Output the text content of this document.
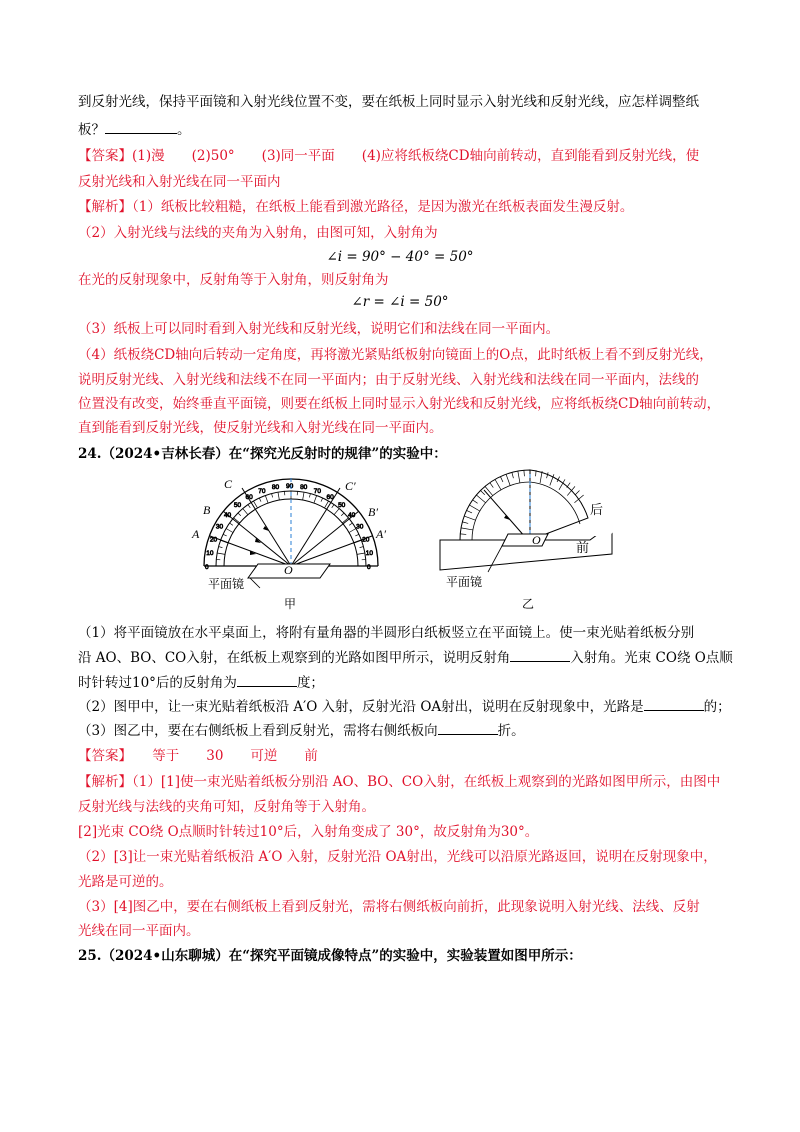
到反射光线，保持平面镜和入射光线位置不变，要在纸板上同时显示入射光线和反射光线，应怎样调整纸
板？	。
【答案】(1)漫　　(2)50°　　(3)同一平面　　(4)应将纸板绕CD轴向前转动，直到能看到反射光线，使
反射光线和入射光线在同一平面内
【解析】（1）纸板比较粗糙，在纸板上能看到激光路径，是因为激光在纸板表面发生漫反射。
（2）入射光线与法线的夹角为入射角，由图可知，入射角为
∠i = 90° − 40° = 50°
在光的反射现象中，反射角等于入射角，则反射角为
∠r = ∠i = 50°
（3）纸板上可以同时看到入射光线和反射光线，说明它们和法线在同一平面内。
（4）纸板绕CD轴向后转动一定角度，再将激光紧贴纸板射向镜面上的O点，此时纸板上看不到反射光线，
说明反射光线、入射光线和法线不在同一平面内；由于反射光线、入射光线和法线在同一平面内，法线的
位置没有改变，始终垂直平面镜，则要在纸板上同时显示入射光线和反射光线，应将纸板绕CD轴向前转动，
直到能看到反射光线，使反射光线和入射光线在同一平面内。
24.（2024•吉林长春）在“探究光反射时的规律”的实验中：
0
10
20
30
40
50
60
70
80 90 80
70
60
50
40
30
20
10
0
A
B
C
A′
B′
C′
O
平面镜
甲
O
后
前
平面镜
乙
（1）将平面镜放在水平桌面上，将附有量角器的半圆形白纸板竖立在平面镜上。使一束光贴着纸板分别
沿 AO、BO、CO入射，在纸板上观察到的光路如图甲所示，说明反射角	入射角。光束 CO绕 O点顺
时针转过10°后的反射角为	度；
（2）图甲中，让一束光贴着纸板沿 A′O 入射，反射光沿 OA射出，说明在反射现象中，光路是	的；
（3）图乙中，要在右侧纸板上看到反射光，需将右侧纸板向	折。
【答案】　　等于　　30　　可逆　　前
【解析】（1）[1]使一束光贴着纸板分别沿 AO、BO、CO入射，在纸板上观察到的光路如图甲所示，由图中
反射光线与法线的夹角可知，反射角等于入射角。
[2]光束 CO绕 O点顺时针转过10°后，入射角变成了 30°，故反射角为30°。
（2）[3]让一束光贴着纸板沿 A′O 入射，反射光沿 OA射出，光线可以沿原光路返回，说明在反射现象中，
光路是可逆的。
（3）[4]图乙中，要在右侧纸板上看到反射光，需将右侧纸板向前折，此现象说明入射光线、法线、反射
光线在同一平面内。
25.（2024•山东聊城）在“探究平面镜成像特点”的实验中，实验装置如图甲所示：
